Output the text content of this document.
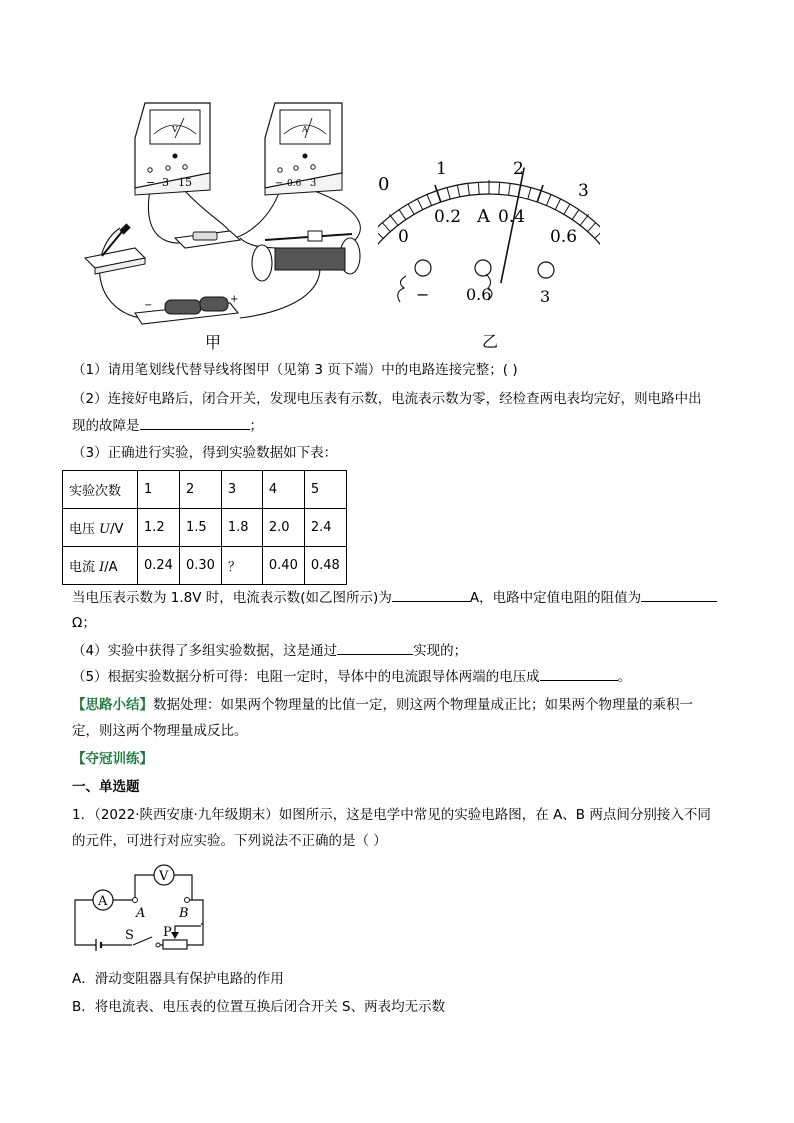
V
− 3 15
A
− 0.6 3
−
+
甲
0
1	2
3
0
0.2 0.4
0.6
A
− 0.6	3
乙
（1）请用笔划线代替导线将图甲（见第 3 页下端）中的电路连接完整；( )
（2）连接好电路后，闭合开关，发现电压表有示数，电流表示数为零，经检查两电表均完好，则电路中出
现的故障是	；
（3）正确进行实验，得到实验数据如下表：
实验次数	1	2	3	4	5
电压 U/V	1.2	1.5	1.8	2.0	2.4
电流 I/A	0.24	0.30	？	0.40	0.48
当电压表示数为 1.8V 时，电流表示数(如乙图所示)为	A，电路中定值电阻的阻值为
Ω；
（4）实验中获得了多组实验数据，这是通过	实现的；
（5）根据实验数据分析可得：电阻一定时，导体中的电流跟导体两端的电压成	。
【思路小结】数据处理：如果两个物理量的比值一定，则这两个物理量成正比；如果两个物理量的乘积一
定，则这两个物理量成反比。
【夺冠训练】
一、单选题
1．（2022·陕西安康·九年级期末）如图所示，这是电学中常见的实验电路图，在 A、B 两点间分别接入不同
的元件，可进行对应实验。下列说法不正确的是（ ）
A
V
A	B
S P
A．滑动变阻器具有保护电路的作用
B．将电流表、电压表的位置互换后闭合开关 S、两表均无示数
